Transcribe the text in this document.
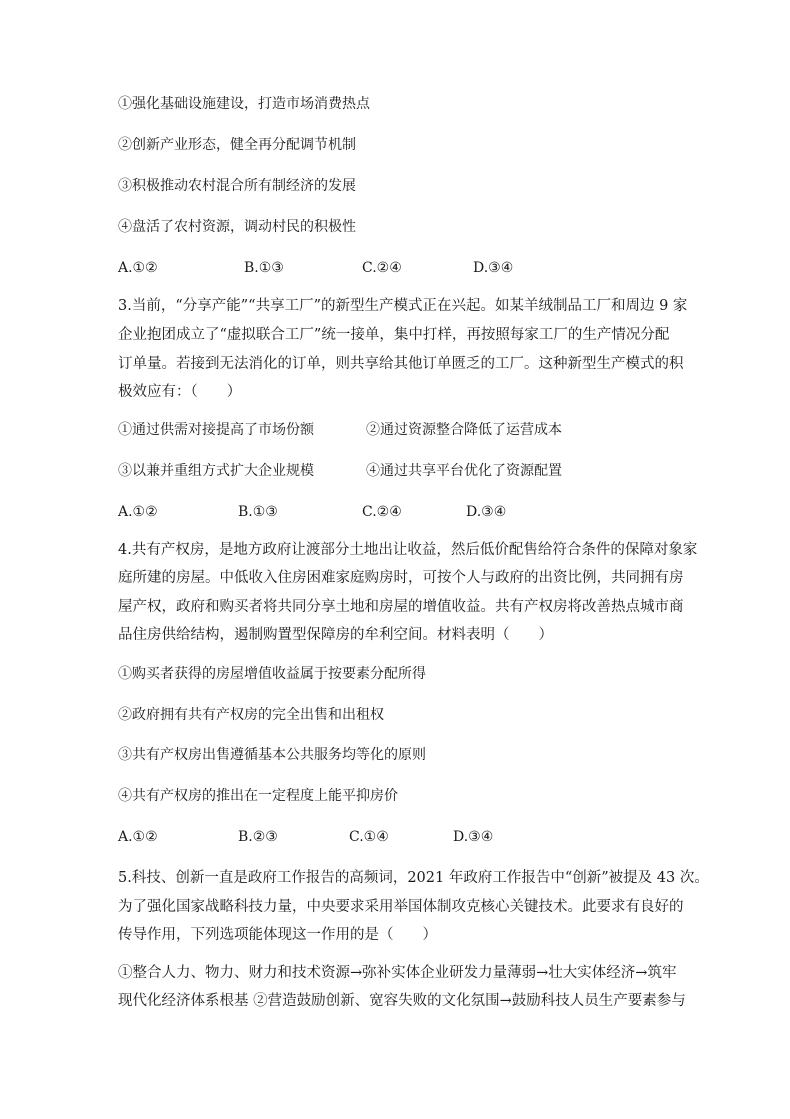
①强化基础设施建设，打造市场消费热点
②创新产业形态，健全再分配调节机制
③积极推动农村混合所有制经济的发展
④盘活了农村资源，调动村民的积极性
A.①②	B.①③	C.②④	D.③④
3.当前，“分享产能”“共享工厂”的新型生产模式正在兴起。如某羊绒制品工厂和周边 9 家
企业抱团成立了“虚拟联合工厂”统一接单，集中打样，再按照每家工厂的生产情况分配
订单量。若接到无法消化的订单，则共享给其他订单匮乏的工厂。这种新型生产模式的积
极效应有：（　　）
①通过供需对接提高了市场份额	②通过资源整合降低了运营成本
③以兼并重组方式扩大企业规模	④通过共享平台优化了资源配置
A.①②	B.①③	C.②④	D.③④
4.共有产权房，是地方政府让渡部分土地出让收益，然后低价配售给符合条件的保障对象家
庭所建的房屋。中低收入住房困难家庭购房时，可按个人与政府的出资比例，共同拥有房
屋产权，政府和购买者将共同分享土地和房屋的增值收益。共有产权房将改善热点城市商
品住房供给结构，遏制购置型保障房的牟利空间。材料表明（　　）
①购买者获得的房屋增值收益属于按要素分配所得
②政府拥有共有产权房的完全出售和出租权
③共有产权房出售遵循基本公共服务均等化的原则
④共有产权房的推出在一定程度上能平抑房价
A.①②	B.②③	C.①④	D.③④
5.科技、创新一直是政府工作报告的高频词，2021 年政府工作报告中“创新”被提及 43 次。
为了强化国家战略科技力量，中央要求采用举国体制攻克核心关键技术。此要求有良好的
传导作用，下列选项能体现这一作用的是（　　）
①整合人力、物力、财力和技术资源→弥补实体企业研发力量薄弱→壮大实体经济→筑牢
现代化经济体系根基 ②营造鼓励创新、宽容失败的文化氛围→鼓励科技人员生产要素参与
